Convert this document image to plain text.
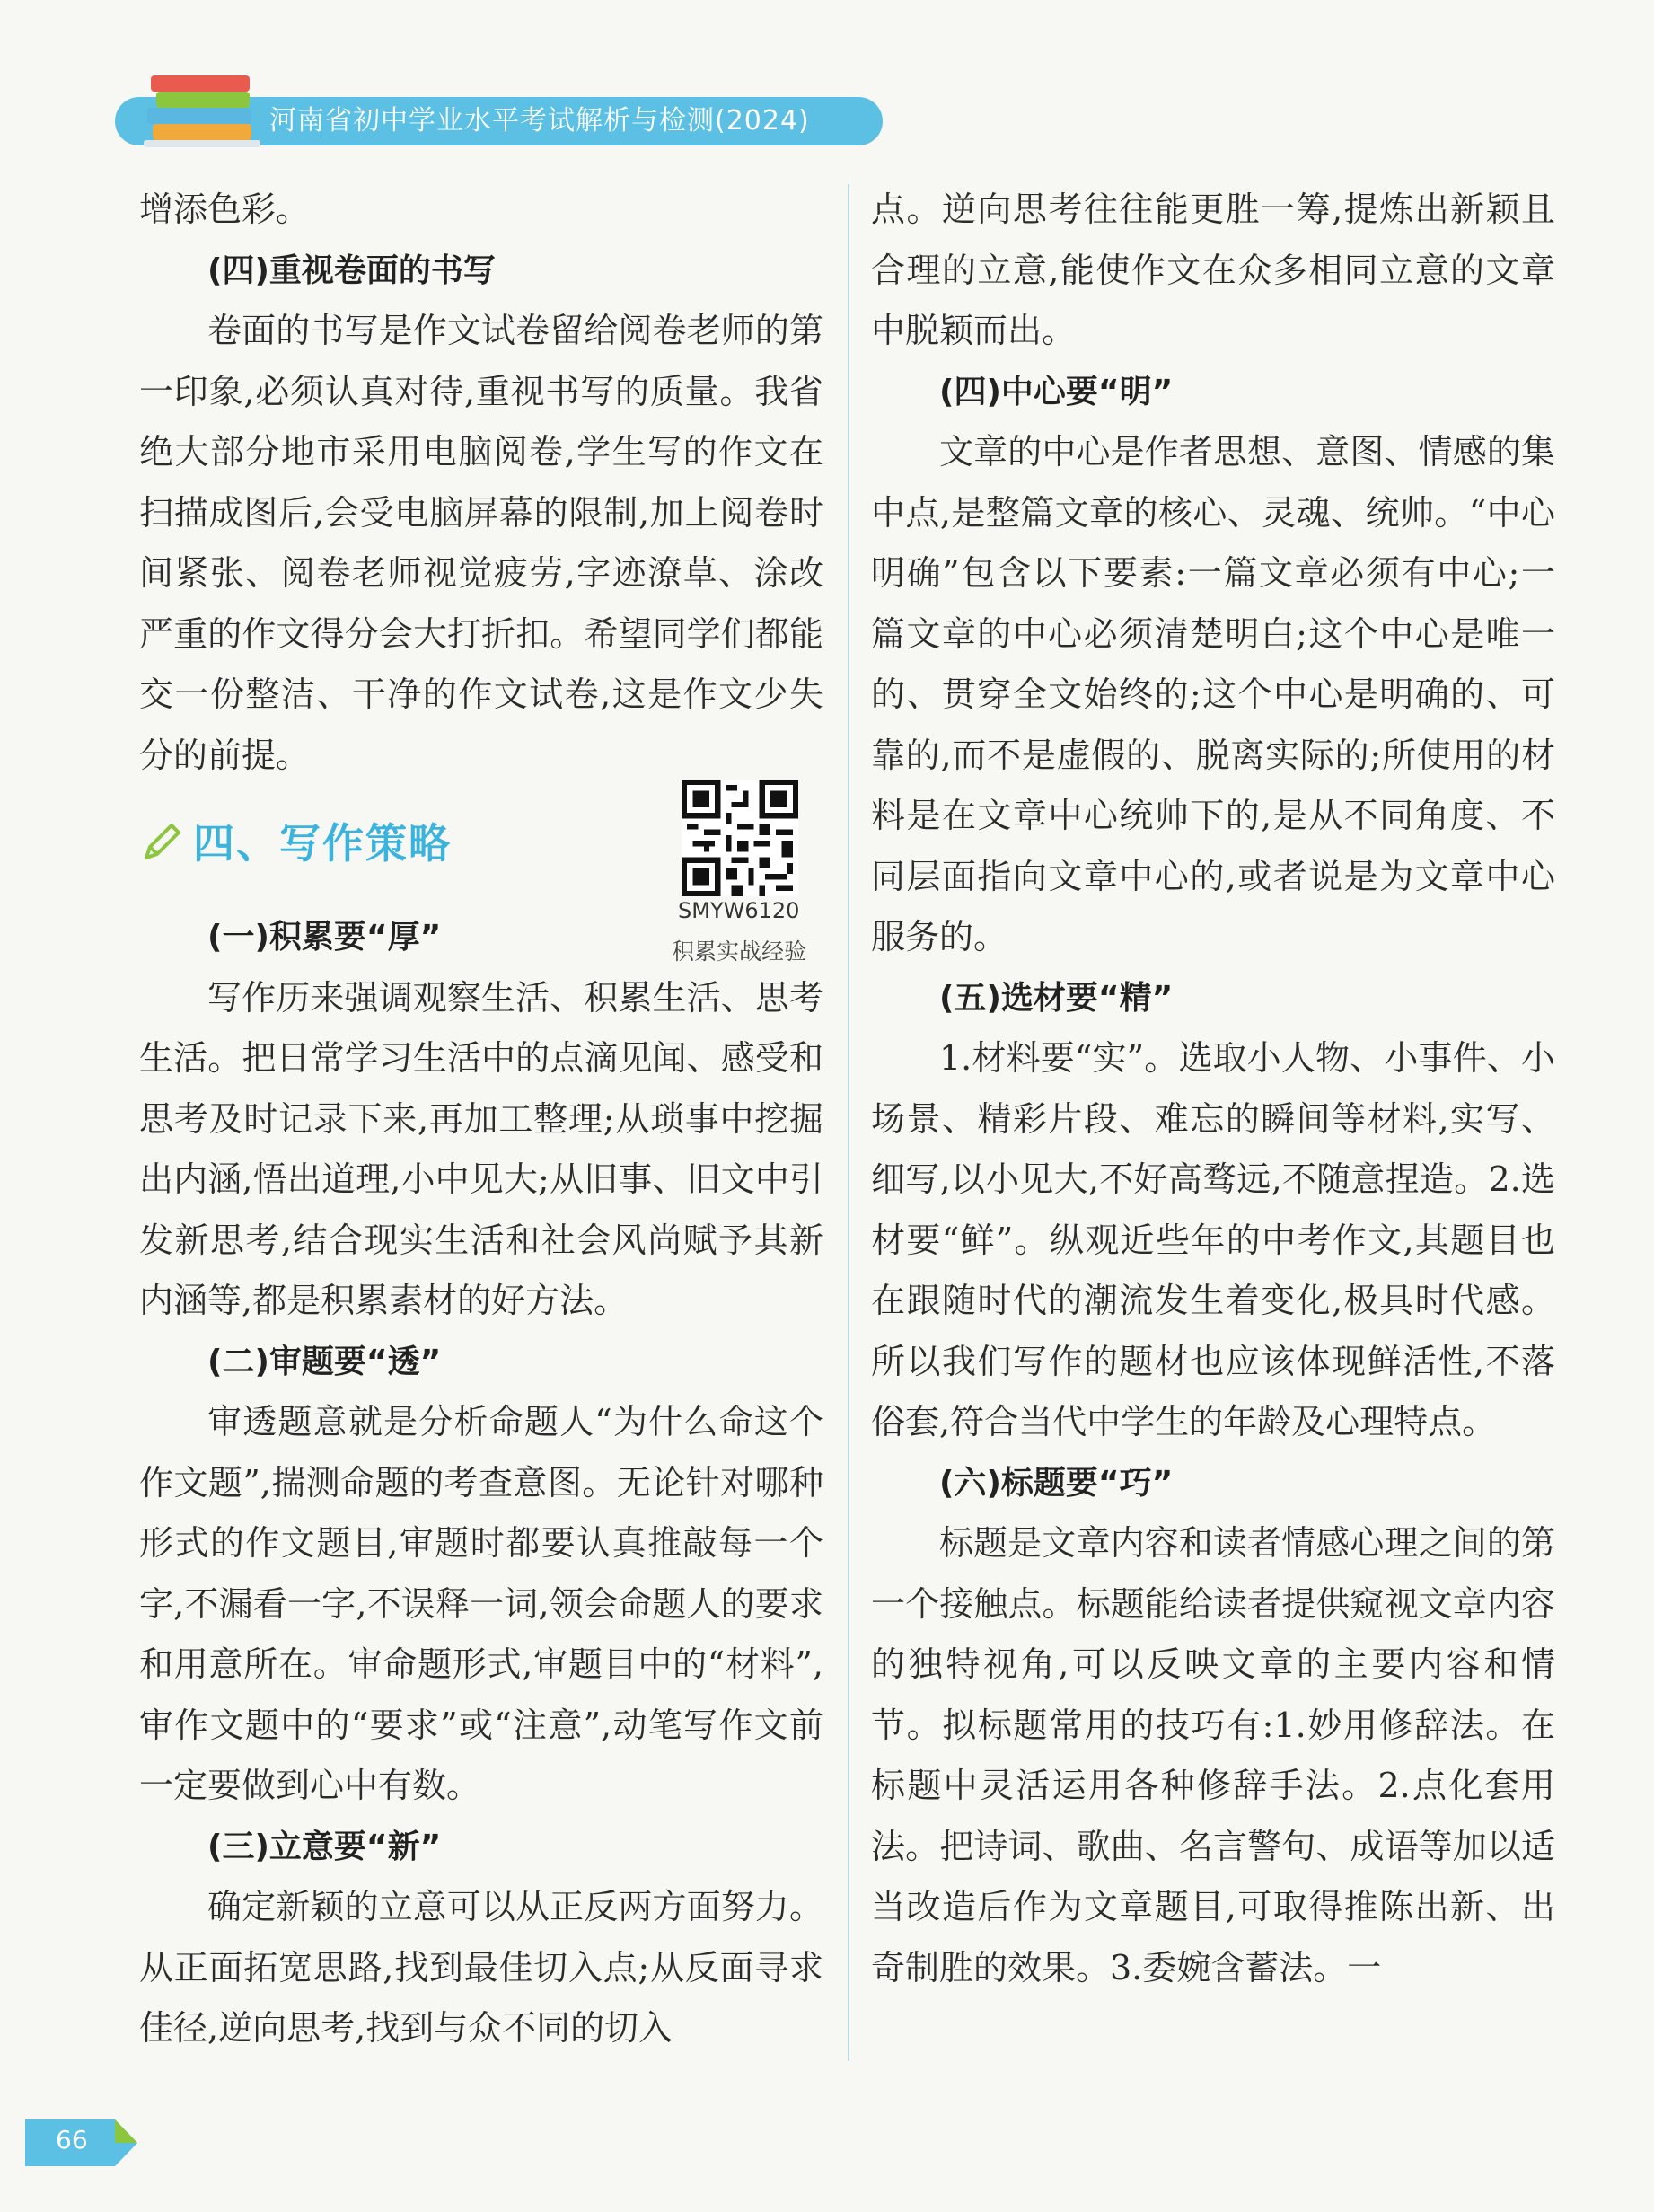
河南省初中学业水平考试解析与检测(2024)

增添色彩。

(四)重视卷面的书写

卷面的书写是作文试卷留给阅卷老师的第一印象,必须认真对待,重视书写的质量。我省绝大部分地市采用电脑阅卷,学生写的作文在扫描成图后,会受电脑屏幕的限制,加上阅卷时间紧张、阅卷老师视觉疲劳,字迹潦草、涂改严重的作文得分会大打折扣。希望同学们都能交一份整洁、干净的作文试卷,这是作文少失分的前提。

四、写作策略

(一)积累要“厚”

写作历来强调观察生活、积累生活、思考生活。把日常学习生活中的点滴见闻、感受和思考及时记录下来,再加工整理;从琐事中挖掘出内涵,悟出道理,小中见大;从旧事、旧文中引发新思考,结合现实生活和社会风尚赋予其新内涵等,都是积累素材的好方法。

(二)审题要“透”

审透题意就是分析命题人“为什么命这个作文题”,揣测命题的考查意图。无论针对哪种形式的作文题目,审题时都要认真推敲每一个字,不漏看一字,不误释一词,领会命题人的要求和用意所在。审命题形式,审题目中的“材料”,审作文题中的“要求”或“注意”,动笔写作文前一定要做到心中有数。

(三)立意要“新”

确定新颖的立意可以从正反两方面努力。从正面拓宽思路,找到最佳切入点;从反面寻求佳径,逆向思考,找到与众不同的切入

SMYW6120
积累实战经验

点。逆向思考往往能更胜一筹,提炼出新颖且合理的立意,能使作文在众多相同立意的文章中脱颖而出。

(四)中心要“明”

文章的中心是作者思想、意图、情感的集中点,是整篇文章的核心、灵魂、统帅。“中心明确”包含以下要素:一篇文章必须有中心;一篇文章的中心必须清楚明白;这个中心是唯一的、贯穿全文始终的;这个中心是明确的、可靠的,而不是虚假的、脱离实际的;所使用的材料是在文章中心统帅下的,是从不同角度、不同层面指向文章中心的,或者说是为文章中心服务的。

(五)选材要“精”

1.材料要“实”。选取小人物、小事件、小场景、精彩片段、难忘的瞬间等材料,实写、细写,以小见大,不好高骛远,不随意捏造。2.选材要“鲜”。纵观近些年的中考作文,其题目也在跟随时代的潮流发生着变化,极具时代感。所以我们写作的题材也应该体现鲜活性,不落俗套,符合当代中学生的年龄及心理特点。

(六)标题要“巧”

标题是文章内容和读者情感心理之间的第一个接触点。标题能给读者提供窥视文章内容的独特视角,可以反映文章的主要内容和情节。拟标题常用的技巧有:1.妙用修辞法。在标题中灵活运用各种修辞手法。2.点化套用法。把诗词、歌曲、名言警句、成语等加以适当改造后作为文章题目,可取得推陈出新、出奇制胜的效果。3.委婉含蓄法。一

66
